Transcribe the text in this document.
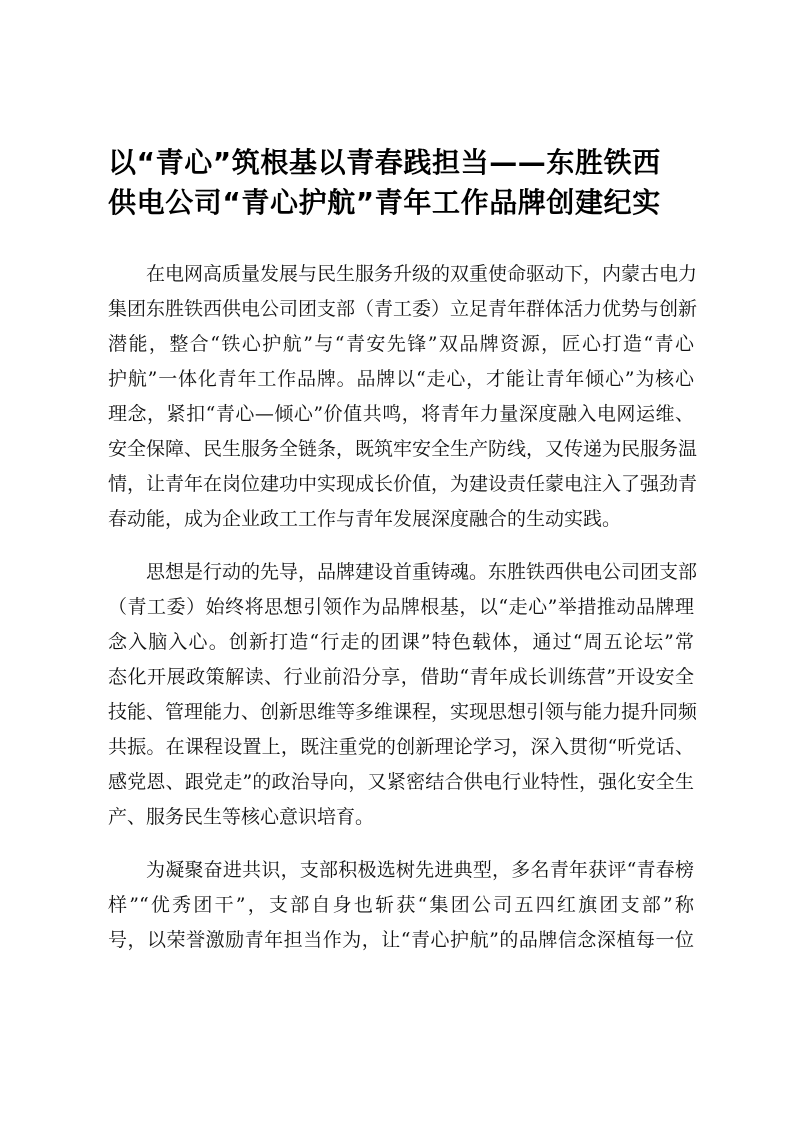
以“青心”筑根基以青春践担当——东胜铁西
供电公司“青心护航”青年工作品牌创建纪实
在电网高质量发展与民生服务升级的双重使命驱动下，内蒙古电力
集团东胜铁西供电公司团支部（青工委）立足青年群体活力优势与创新
潜能，整合“铁心护航”与“青安先锋”双品牌资源，匠心打造“青心
护航”一体化青年工作品牌。品牌以“走心，才能让青年倾心”为核心
理念，紧扣“青心—倾心”价值共鸣，将青年力量深度融入电网运维、
安全保障、民生服务全链条，既筑牢安全生产防线，又传递为民服务温
情，让青年在岗位建功中实现成长价值，为建设责任蒙电注入了强劲青
春动能，成为企业政工工作与青年发展深度融合的生动实践。
思想是行动的先导，品牌建设首重铸魂。东胜铁西供电公司团支部
（青工委）始终将思想引领作为品牌根基，以“走心”举措推动品牌理
念入脑入心。创新打造“行走的团课”特色载体，通过“周五论坛”常
态化开展政策解读、行业前沿分享，借助“青年成长训练营”开设安全
技能、管理能力、创新思维等多维课程，实现思想引领与能力提升同频
共振。在课程设置上，既注重党的创新理论学习，深入贯彻“听党话、
感党恩、跟党走”的政治导向，又紧密结合供电行业特性，强化安全生
产、服务民生等核心意识培育。
为凝聚奋进共识，支部积极选树先进典型，多名青年获评“青春榜
样”“优秀团干”，支部自身也斩获“集团公司五四红旗团支部”称
号，以荣誉激励青年担当作为，让“青心护航”的品牌信念深植每一位
